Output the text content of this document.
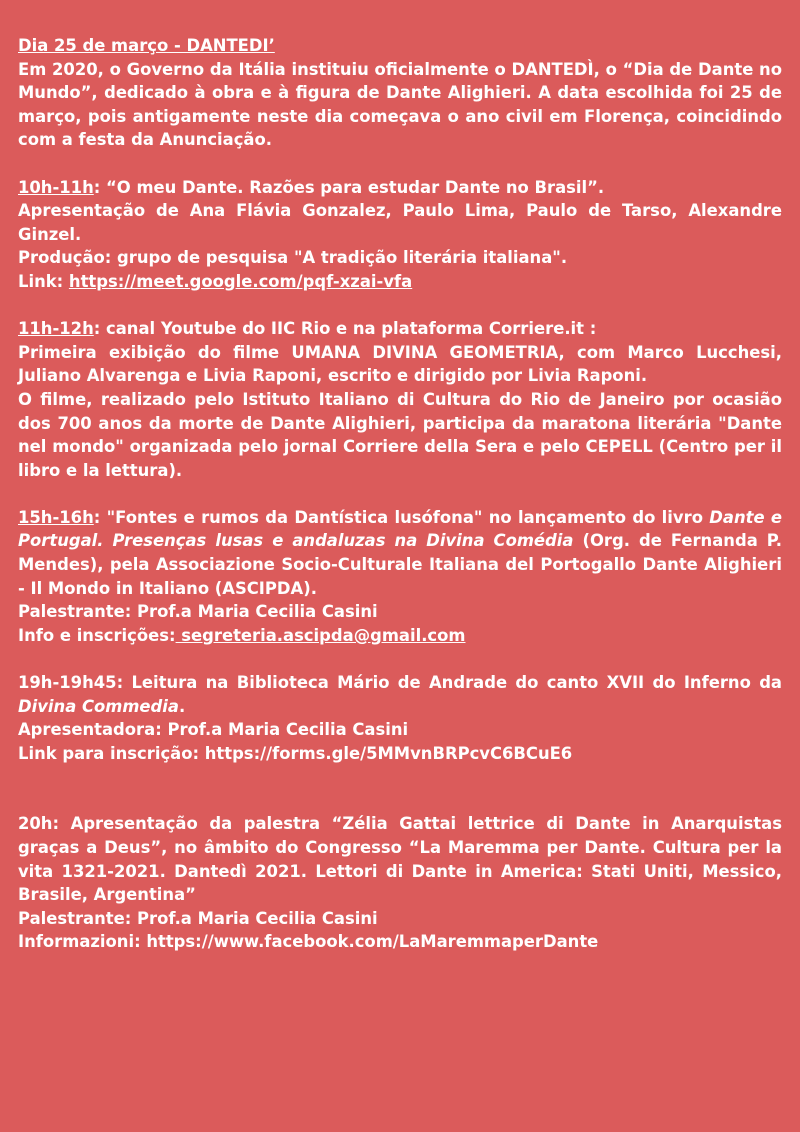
Dia 25 de março - DANTEDI’

Em 2020, o Governo da Itália instituiu oficialmente o DANTEDÌ, o “Dia de Dante no Mundo”, dedicado à obra e à figura de Dante Alighieri. A data escolhida foi 25 de março, pois antigamente neste dia começava o ano civil em Florença, coincidindo com a festa da Anunciação.

10h-11h: “O meu Dante. Razões para estudar Dante no Brasil”.

Apresentação de Ana Flávia Gonzalez, Paulo Lima, Paulo de Tarso, Alexandre Ginzel.

Produção: grupo de pesquisa "A tradição literária italiana".

Link: https://meet.google.com/pqf-xzai-vfa

11h-12h: canal Youtube do IIC Rio e na plataforma Corriere.it :

Primeira exibição do filme UMANA DIVINA GEOMETRIA, com Marco Lucchesi, Juliano Alvarenga e Livia Raponi, escrito e dirigido por Livia Raponi.

O filme, realizado pelo Istituto Italiano di Cultura do Rio de Janeiro por ocasião dos 700 anos da morte de Dante Alighieri, participa da maratona literária "Dante nel mondo" organizada pelo jornal Corriere della Sera e pelo CEPELL (Centro per il libro e la lettura).

15h-16h: "Fontes e rumos da Dantística lusófona" no lançamento do livro Dante e Portugal. Presenças lusas e andaluzas na Divina Comédia (Org. de Fernanda P. Mendes), pela Associazione Socio-Culturale Italiana del Portogallo Dante Alighieri - Il Mondo in Italiano (ASCIPDA).

Palestrante: Prof.a Maria Cecilia Casini

Info e inscrições: segreteria.ascipda@gmail.com

19h-19h45: Leitura na Biblioteca Mário de Andrade do canto XVII do Inferno da Divina Commedia.

Apresentadora: Prof.a Maria Cecilia Casini

Link para inscrição: https://forms.gle/5MMvnBRPcvC6BCuE6

20h: Apresentação da palestra “Zélia Gattai lettrice di Dante in Anarquistas graças a Deus”, no âmbito do Congresso “La Maremma per Dante. Cultura per la vita 1321-2021. Dantedì 2021. Lettori di Dante in America: Stati Uniti, Messico, Brasile, Argentina”

Palestrante: Prof.a Maria Cecilia Casini

Informazioni: https://www.facebook.com/LaMaremmaperDante
